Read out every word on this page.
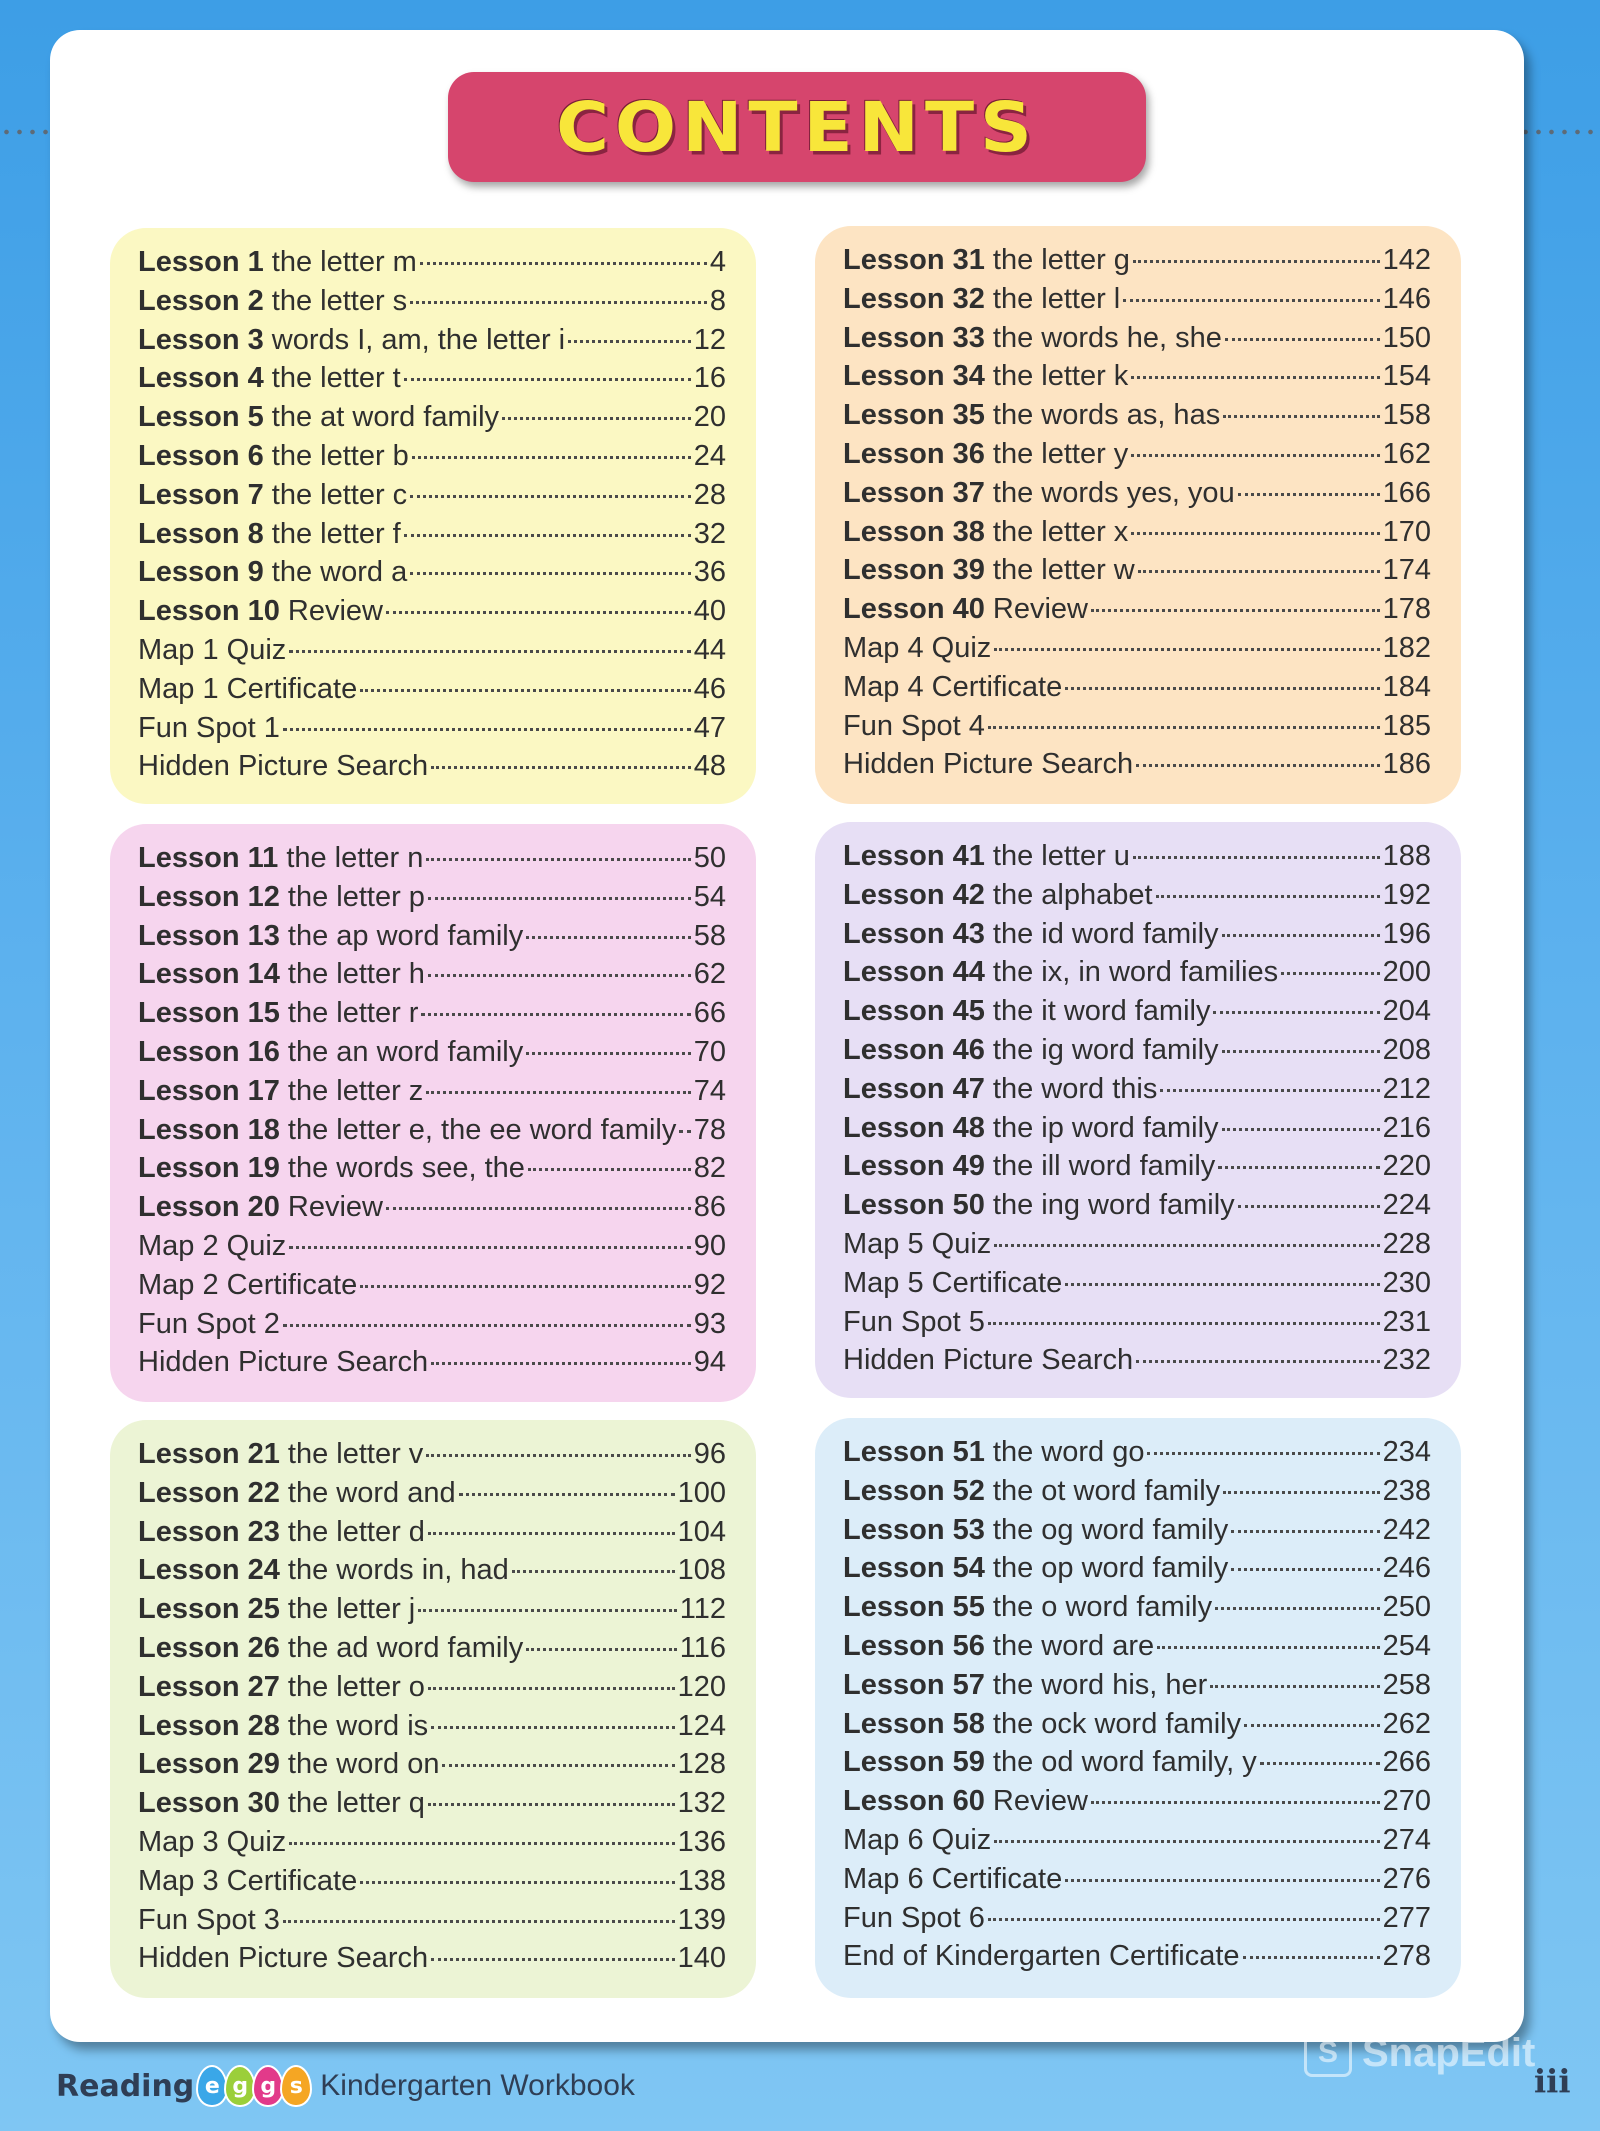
CONTENTS
Lesson 1 the letter m	4
Lesson 2 the letter s	8
Lesson 3 words I, am, the letter i	12
Lesson 4 the letter t	16
Lesson 5 the at word family	20
Lesson 6 the letter b	24
Lesson 7 the letter c	28
Lesson 8 the letter f	32
Lesson 9 the word a	36
Lesson 10 Review	40
Map 1 Quiz	44
Map 1 Certificate	46
Fun Spot 1	47
Hidden Picture Search	48
Lesson 31 the letter g	142
Lesson 32 the letter l	146
Lesson 33 the words he, she	150
Lesson 34 the letter k	154
Lesson 35 the words as, has	158
Lesson 36 the letter y	162
Lesson 37 the words yes, you	166
Lesson 38 the letter x	170
Lesson 39 the letter w	174
Lesson 40 Review	178
Map 4 Quiz	182
Map 4 Certificate	184
Fun Spot 4	185
Hidden Picture Search	186
Lesson 11 the letter n	50
Lesson 12 the letter p	54
Lesson 13 the ap word family	58
Lesson 14 the letter h	62
Lesson 15 the letter r	66
Lesson 16 the an word family	70
Lesson 17 the letter z	74
Lesson 18 the letter e, the ee word family 78
Lesson 19 the words see, the	82
Lesson 20 Review	86
Map 2 Quiz	90
Map 2 Certificate	92
Fun Spot 2	93
Hidden Picture Search	94
Lesson 41 the letter u	188
Lesson 42 the alphabet	192
Lesson 43 the id word family	196
Lesson 44 the ix, in word families	200
Lesson 45 the it word family	204
Lesson 46 the ig word family	208
Lesson 47 the word this	212
Lesson 48 the ip word family	216
Lesson 49 the ill word family	220
Lesson 50 the ing word family	224
Map 5 Quiz	228
Map 5 Certificate	230
Fun Spot 5	231
Hidden Picture Search	232
Lesson 21 the letter v	96
Lesson 22 the word and	100
Lesson 23 the letter d	104
Lesson 24 the words in, had	108
Lesson 25 the letter j	112
Lesson 26 the ad word family	116
Lesson 27 the letter o	120
Lesson 28 the word is	124
Lesson 29 the word on	128
Lesson 30 the letter q	132
Map 3 Quiz	136
Map 3 Certificate	138
Fun Spot 3	139
Hidden Picture Search	140
Lesson 51 the word go	234
Lesson 52 the ot word family	238
Lesson 53 the og word family	242
Lesson 54 the op word family	246
Lesson 55 the o word family	250
Lesson 56 the word are	254
Lesson 57 the word his, her	258
Lesson 58 the ock word family	262
Lesson 59 the od word family, y	266
Lesson 60 Review	270
Map 6 Quiz	274
Map 6 Certificate	276
Fun Spot 6	277
End of Kindergarten Certificate	278
Reading e g g s Kindergarten Workbook
S SnapEdit
iii
